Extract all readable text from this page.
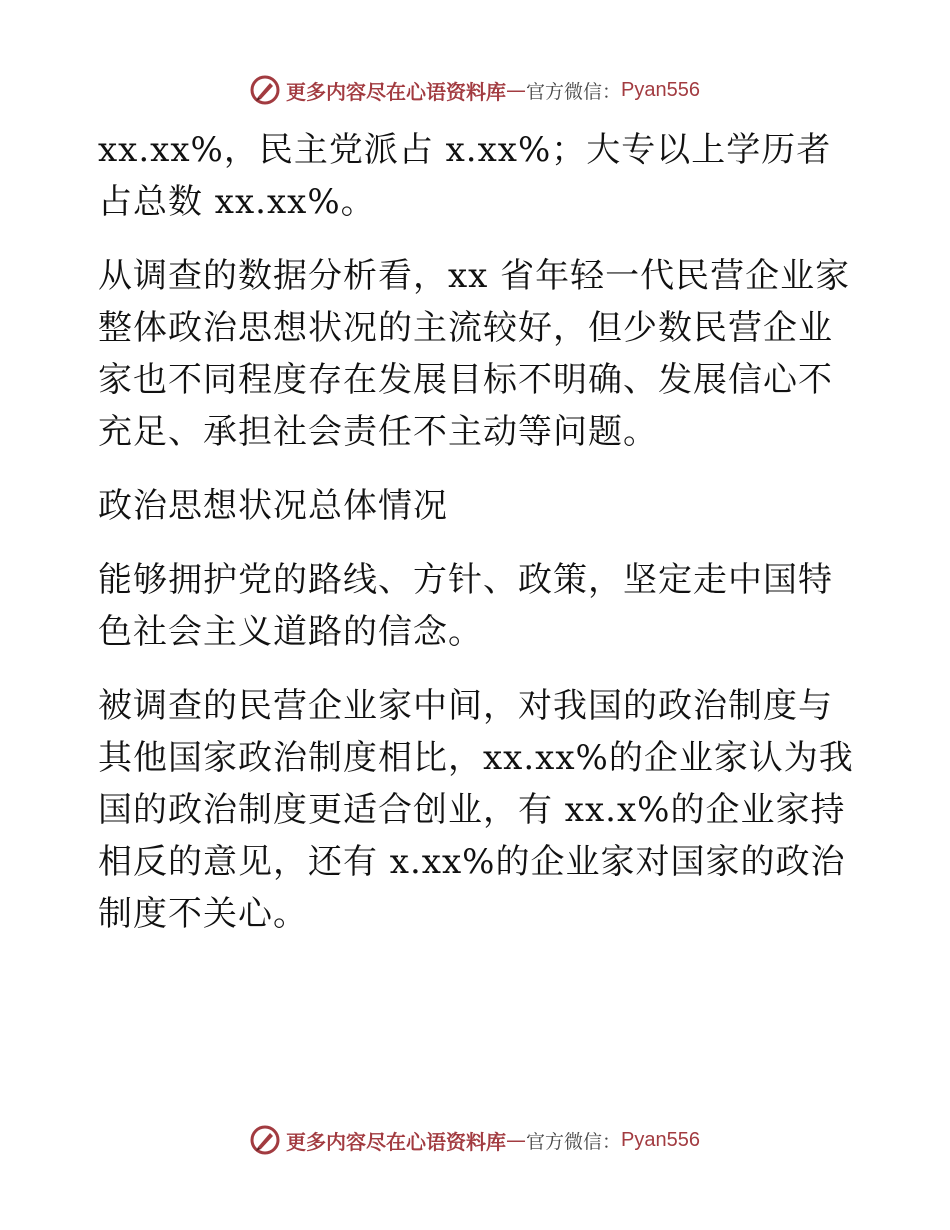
更多内容尽在心语资料库 — 官方微信： Pyan556

xx.xx%，民主党派占 x.xx%；大专以上学历者占总数 xx.xx%。

从调查的数据分析看，xx 省年轻一代民营企业家整体政治思想状况的主流较好，但少数民营企业家也不同程度存在发展目标不明确、发展信心不充足、承担社会责任不主动等问题。

政治思想状况总体情况

能够拥护党的路线、方针、政策，坚定走中国特色社会主义道路的信念。

被调查的民营企业家中间，对我国的政治制度与其他国家政治制度相比，xx.xx%的企业家认为我国的政治制度更适合创业，有 xx.x%的企业家持相反的意见，还有 x.xx%的企业家对国家的政治制度不关心。

更多内容尽在心语资料库 — 官方微信： Pyan556
